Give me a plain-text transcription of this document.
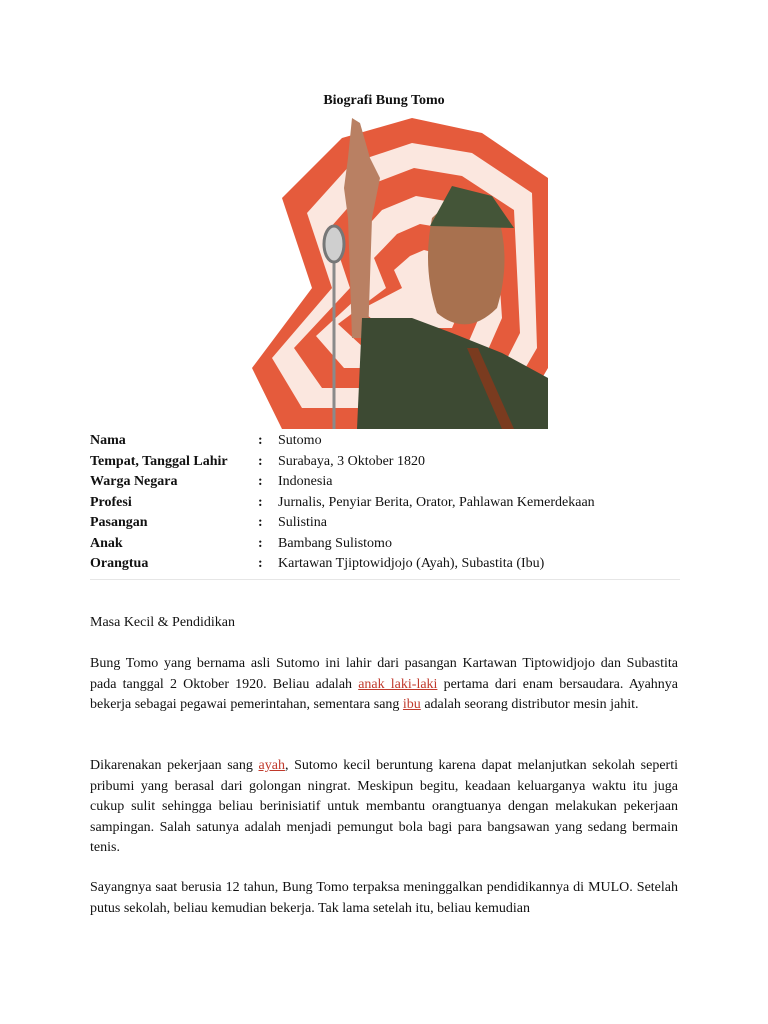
Biografi Bung Tomo
Nama	:	Sutomo
Tempat, Tanggal Lahir	:	Surabaya, 3 Oktober 1820
Warga Negara	:	Indonesia
Profesi	:	Jurnalis, Penyiar Berita, Orator, Pahlawan Kemerdekaan
Pasangan	:	Sulistina
Anak	:	Bambang Sulistomo
Orangtua	:	Kartawan Tjiptowidjojo (Ayah), Subastita (Ibu)
Masa Kecil & Pendidikan

Bung Tomo yang bernama asli Sutomo ini lahir dari pasangan Kartawan Tiptowidjojo dan Subastita pada tanggal 2 Oktober 1920. Beliau adalah anak laki-laki pertama dari enam bersaudara. Ayahnya bekerja sebagai pegawai pemerintahan, sementara sang ibu adalah seorang distributor mesin jahit.

Dikarenakan pekerjaan sang ayah, Sutomo kecil beruntung karena dapat melanjutkan sekolah seperti pribumi yang berasal dari golongan ningrat. Meskipun begitu, keadaan keluarganya waktu itu juga cukup sulit sehingga beliau berinisiatif untuk membantu orangtuanya dengan melakukan pekerjaan sampingan. Salah satunya adalah menjadi pemungut bola bagi para bangsawan yang sedang bermain tenis.

Sayangnya saat berusia 12 tahun, Bung Tomo terpaksa meninggalkan pendidikannya di MULO. Setelah putus sekolah, beliau kemudian bekerja. Tak lama setelah itu, beliau kemudian
